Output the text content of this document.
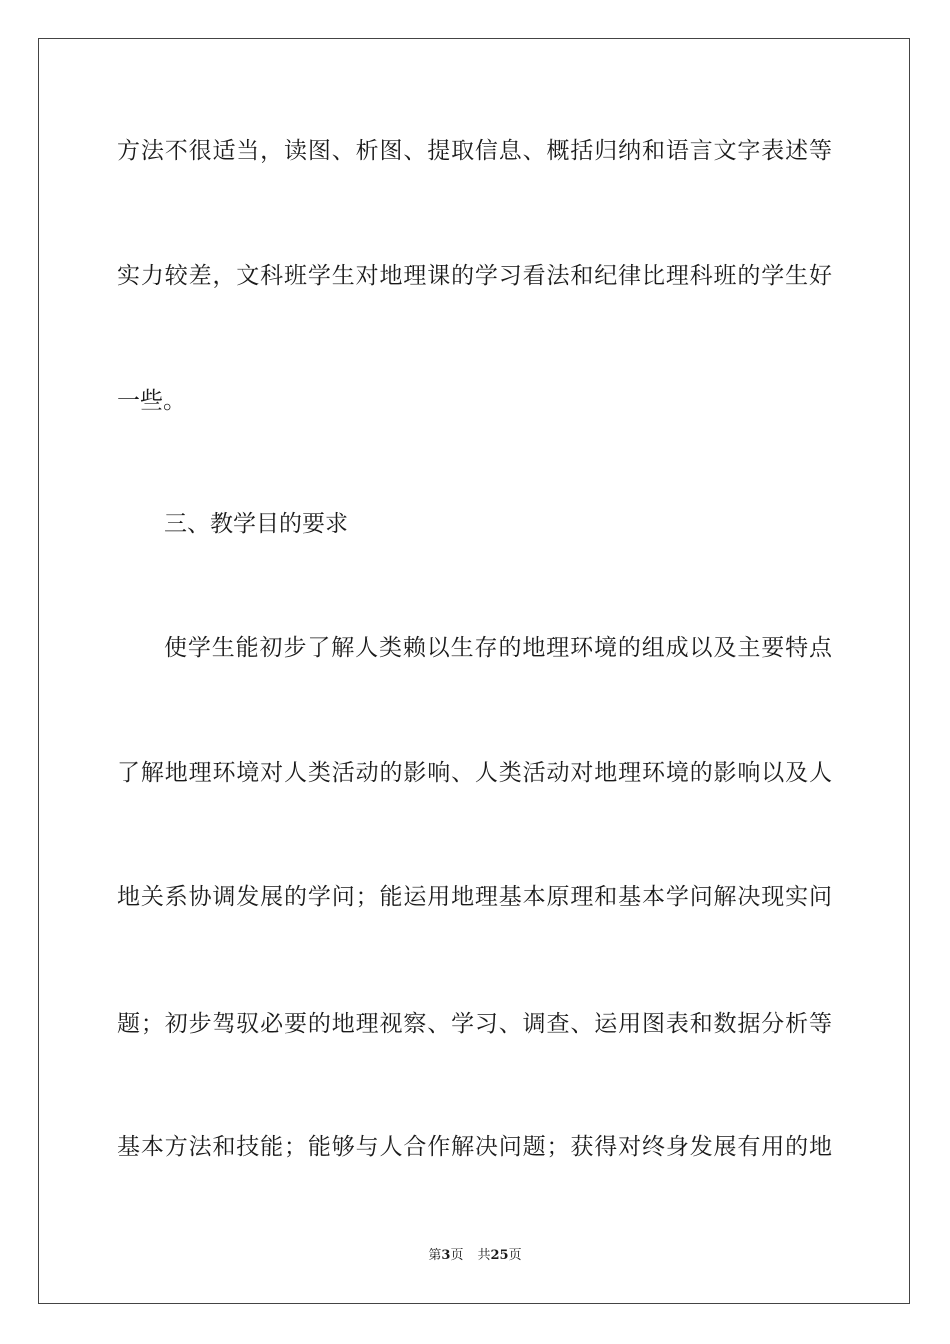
方法不很适当，读图、析图、提取信息、概括归纳和语言文字表述等
实力较差，文科班学生对地理课的学习看法和纪律比理科班的学生好
一些。
三、教学目的要求
使学生能初步了解人类赖以生存的地理环境的组成以及主要特点
了解地理环境对人类活动的影响、人类活动对地理环境的影响以及人
地关系协调发展的学问；能运用地理基本原理和基本学问解决现实问
题；初步驾驭必要的地理视察、学习、调查、运用图表和数据分析等
基本方法和技能；能够与人合作解决问题；获得对终身发展有用的地
第3页 共25页
